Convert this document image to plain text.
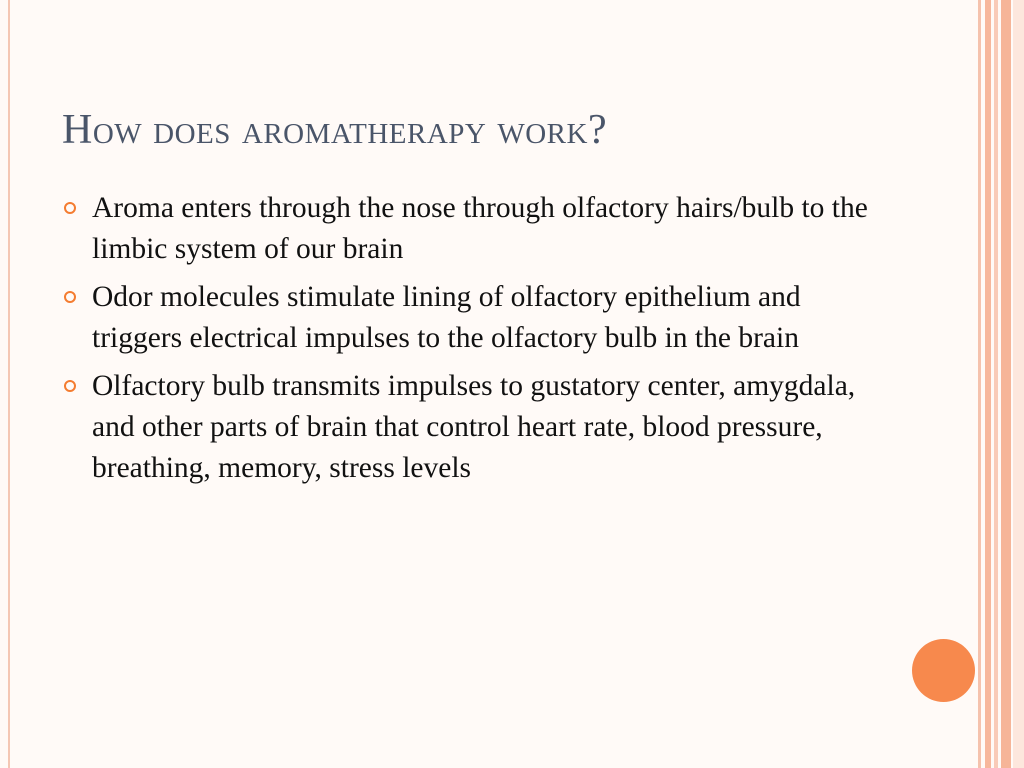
How does aromatherapy work?
Aroma enters through the nose through olfactory hairs/bulb to the limbic system of our brain
Odor molecules stimulate lining of olfactory epithelium and triggers electrical impulses to the olfactory bulb in the brain
Olfactory bulb transmits impulses to gustatory center, amygdala, and other parts of brain that control heart rate, blood pressure, breathing, memory, stress levels
